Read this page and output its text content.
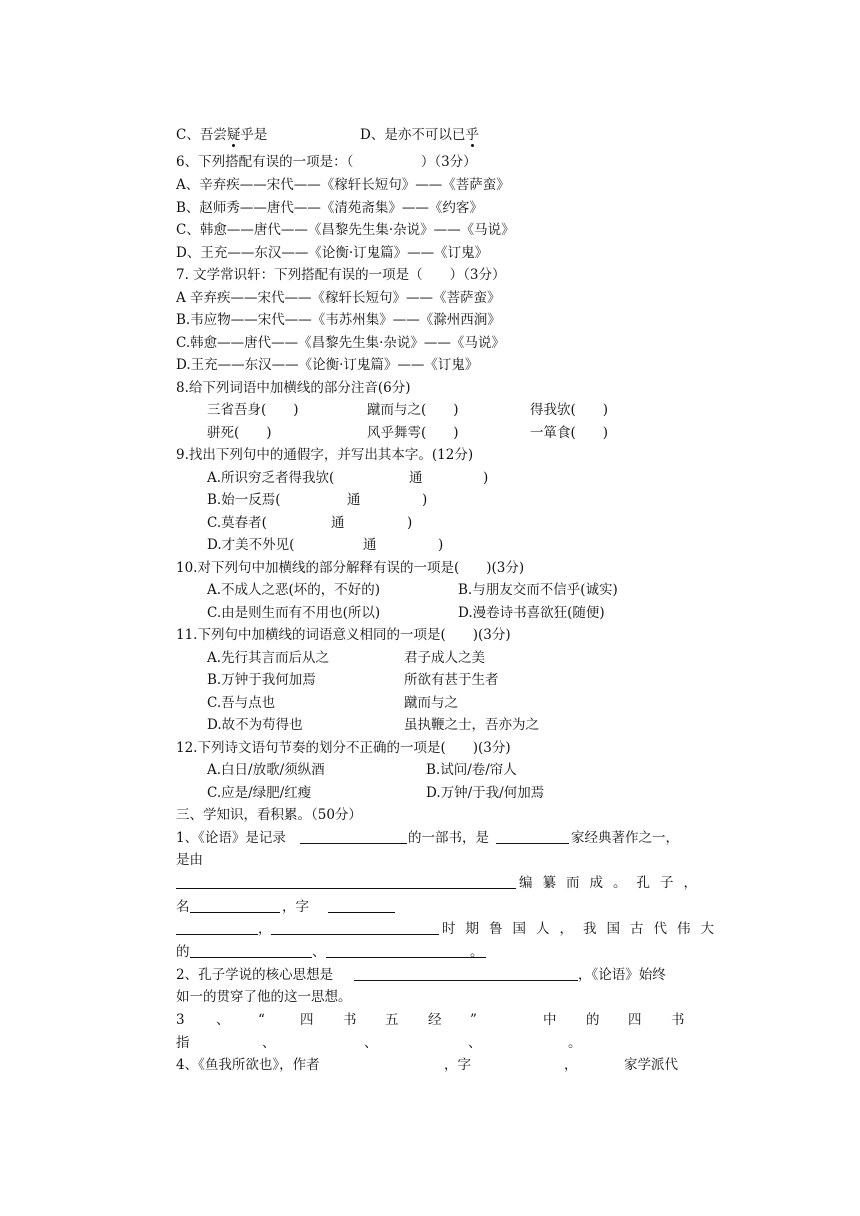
C、吾尝疑乎是	D、是亦不可以已乎
6、下列搭配有误的一项是：（　　　　　）（3分）
A、辛弃疾——宋代——《稼轩长短句》——《菩萨蛮》
B、赵师秀——唐代——《清苑斋集》——《约客》
C、韩愈——唐代——《昌黎先生集·杂说》——《马说》
D、王充——东汉——《论衡·订鬼篇》——《订鬼》
7. 文学常识轩：下列搭配有误的一项是（　　）（3分）
A 辛弃疾——宋代——《稼轩长短句》——《菩萨蛮》
B.韦应物——宋代——《韦苏州集》——《滁州西涧》
C.韩愈——唐代——《昌黎先生集·杂说》——《马说》
D.王充——东汉——《论衡·订鬼篇》——《订鬼》
8.给下列词语中加横线的部分注音(6分)
三省吾身(　　)	蹴而与之(　　)	得我欤(　　)
骈死(　　)	风乎舞雩(　　)	一箪食(　　)
9.找出下列句中的通假字，并写出其本字。(12分)
A.所识穷乏者得我欤(	通	)
B.始一反焉(	通	)
C.莫春者(	通	)
D.才美不外见(	通	)
10.对下列句中加横线的部分解释有误的一项是(　　)(3分)
A.不成人之恶(坏的，不好的)	B.与朋友交而不信乎(诚实)
C.由是则生而有不用也(所以)	D.漫卷诗书喜欲狂(随便)
11.下列句中加横线的词语意义相同的一项是(　　)(3分)
A.先行其言而后从之	君子成人之美
B.万钟于我何加焉	所欲有甚于生者
C.吾与点也	蹴而与之
D.故不为苟得也	虽执鞭之士，吾亦为之
12.下列诗文语句节奏的划分不正确的一项是(　　)(3分)
A.白日/放歌/须纵酒	B.试问/卷/帘人
C.应是/绿肥/红瘦	D.万钟/于我/何加焉
三、学知识，看积累。（50分）
1、《论语》是记录	的一部书，是	家经典著作之一，
是由
编纂而成。孔子，
名	，字
，	时期鲁国人，我国古代伟大
的	、	。
2、孔子学说的核心思想是	，《论语》始终
如一的贯穿了他的这一思想。
3 、 “	四 书 五 经 ”	中 的 四 书
指	、	、	、	。
4、《鱼我所欲也》，作者	，字	，	家学派代
